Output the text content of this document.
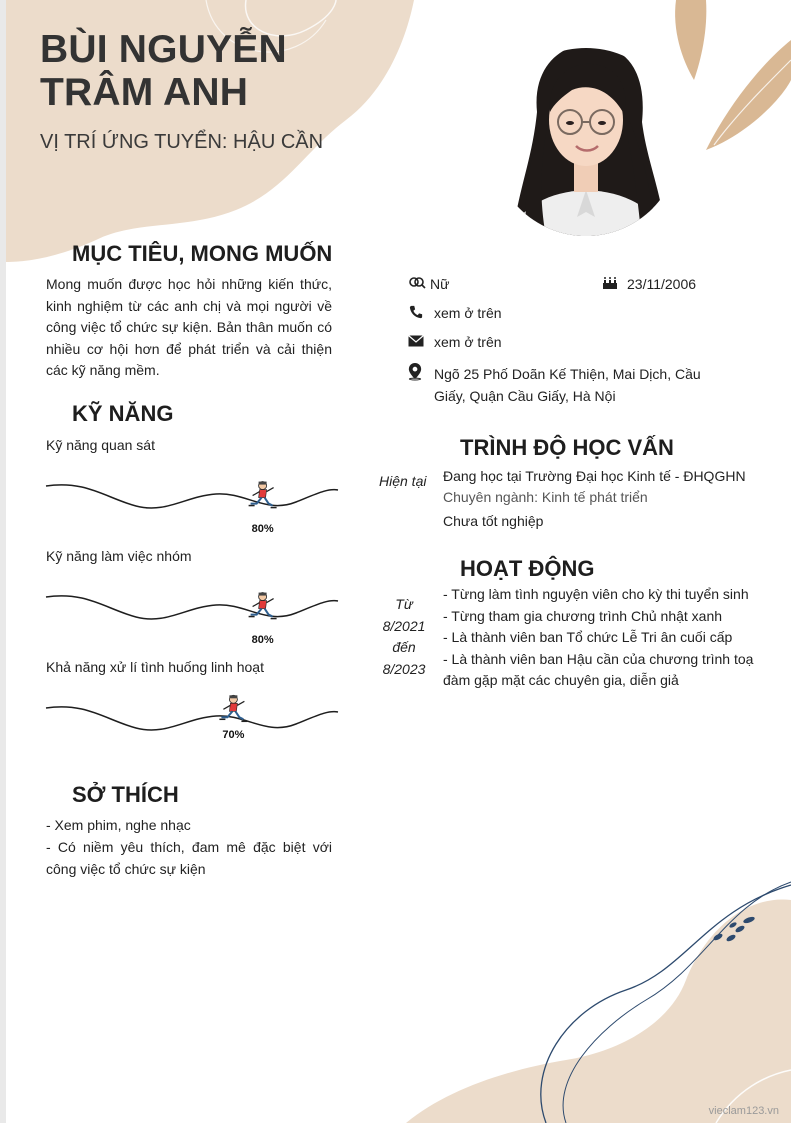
BÙI NGUYỄN
TRÂM ANH
VỊ TRÍ ỨNG TUYỂN: HẬU CẦN
MỤC TIÊU, MONG MUỐN
Mong muốn được học hỏi những kiến thức, kinh nghiệm từ các anh chị và mọi người về công việc tổ chức sự kiện. Bản thân muốn có nhiều cơ hội hơn để phát triển và cải thiện các kỹ năng mềm.
KỸ NĂNG
Kỹ năng quan sát
80%
Kỹ năng làm việc nhóm
80%
Khả năng xử lí tình huống linh hoạt
70%
SỞ THÍCH
- Xem phim, nghe nhạc
- Có niềm yêu thích, đam mê đặc biệt với công việc tổ chức sự kiện
Nữ	23/11/2006
xem ở trên
xem ở trên
Ngõ 25 Phố Doãn Kế Thiện, Mai Dịch, Cầu Giấy, Quận Cầu Giấy, Hà Nội
TRÌNH ĐỘ HỌC VẤN
Hiện tại Đang học tại Trường Đại học Kinh tế - ĐHQGHN
Chuyên ngành: Kinh tế phát triển
Chưa tốt nghiệp
HOẠT ĐỘNG
Từ
8/2021
đến
8/2023
- Từng làm tình nguyện viên cho kỳ thi tuyển sinh
- Từng tham gia chương trình Chủ nhật xanh
- Là thành viên ban Tổ chức Lễ Tri ân cuối cấp
- Là thành viên ban Hậu cần của chương trình toạ đàm gặp mặt các chuyên gia, diễn giả
vieclam123.vn
